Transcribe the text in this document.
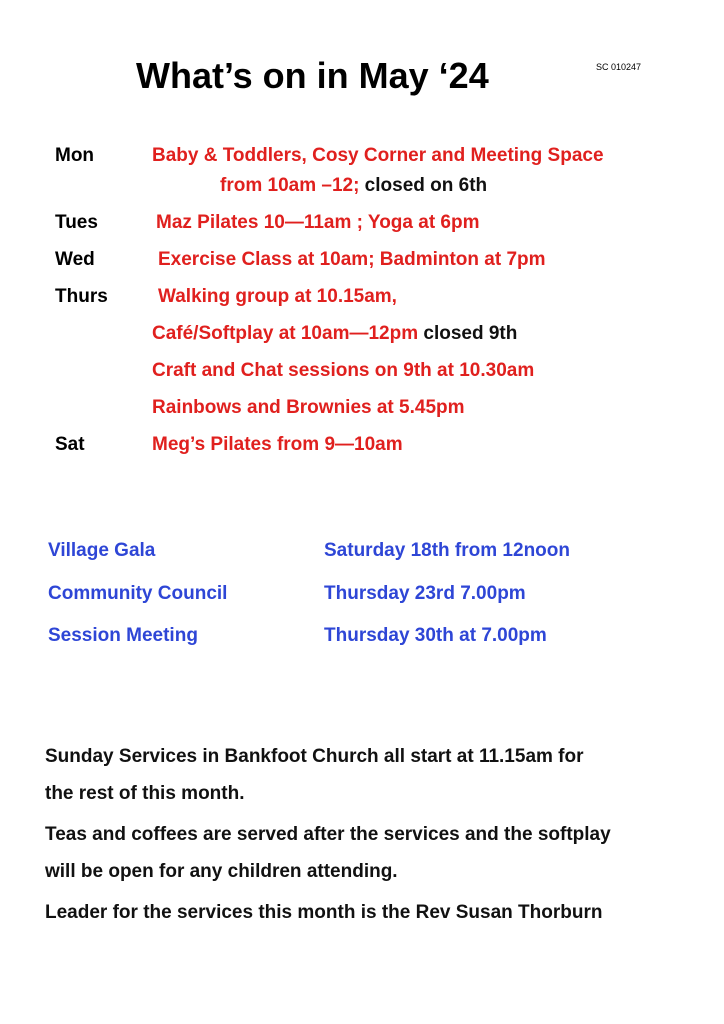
What’s on in May ‘24	SC 010247
Mon	Baby & Toddlers, Cosy Corner and Meeting Space
from 10am –12; closed on 6th
Tues	Maz Pilates 10—11am ; Yoga at 6pm
Wed	Exercise Class at 10am; Badminton at 7pm
Thurs	Walking group at 10.15am,
Café/Softplay at 10am—12pm closed 9th
Craft and Chat sessions on 9th at 10.30am
Rainbows and Brownies at 5.45pm
Sat	Meg’s Pilates from 9—10am
Village Gala	Saturday 18th from 12noon
Community Council	Thursday 23rd 7.00pm
Session Meeting	Thursday 30th at 7.00pm
Sunday Services in Bankfoot Church all start at 11.15am for
the rest of this month.
Teas and coffees are served after the services and the softplay
will be open for any children attending.
Leader for the services this month is the Rev Susan Thorburn
